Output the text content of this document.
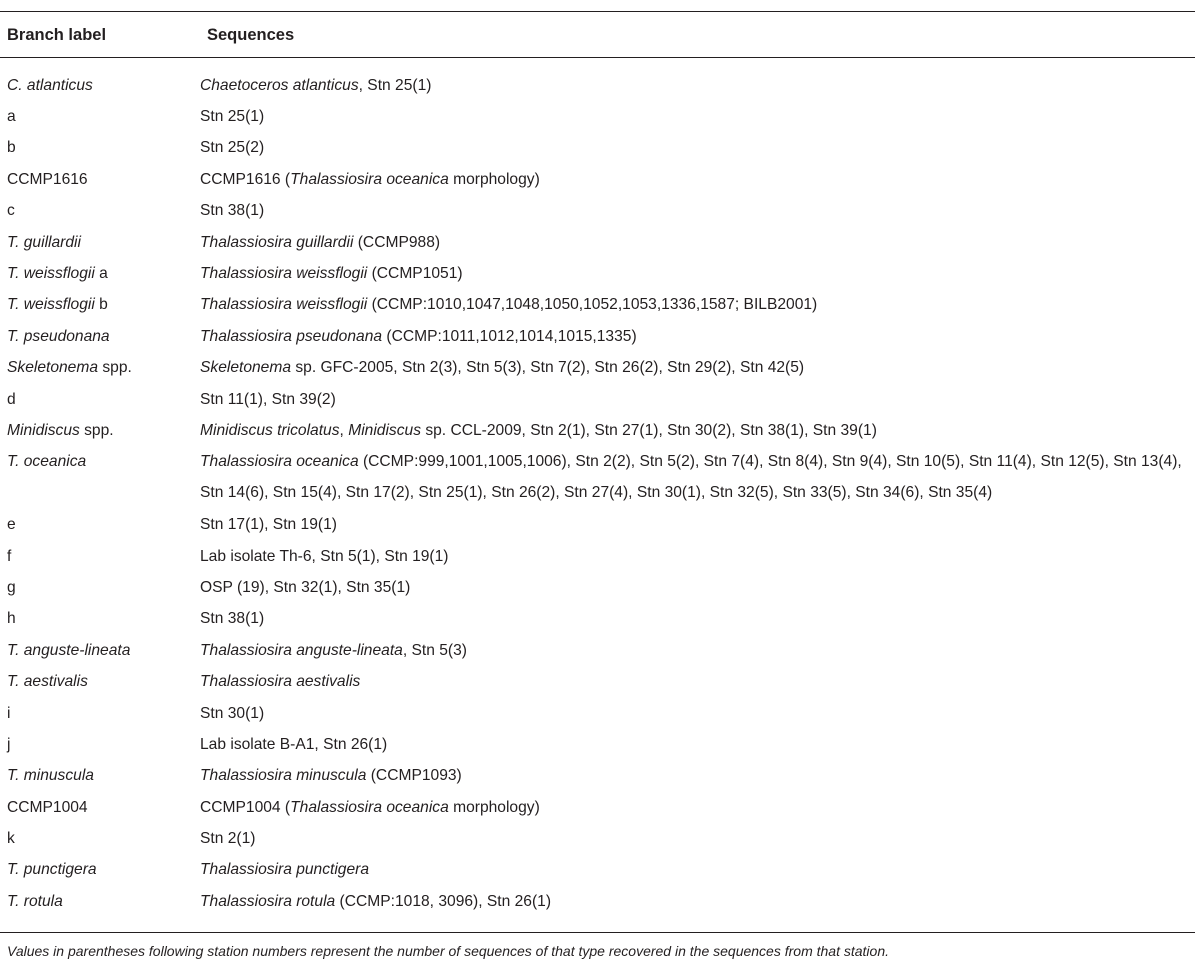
Branch label	Sequences
C. atlanticus	Chaetoceros atlanticus, Stn 25(1)
a	Stn 25(1)
b	Stn 25(2)
CCMP1616	CCMP1616 (Thalassiosira oceanica morphology)
c	Stn 38(1)
T. guillardii	Thalassiosira guillardii (CCMP988)
T. weissflogii a	Thalassiosira weissflogii (CCMP1051)
T. weissflogii b	Thalassiosira weissflogii (CCMP:1010,1047,1048,1050,1052,1053,1336,1587; BILB2001)
T. pseudonana	Thalassiosira pseudonana (CCMP:1011,1012,1014,1015,1335)
Skeletonema spp.	Skeletonema sp. GFC-2005, Stn 2(3), Stn 5(3), Stn 7(2), Stn 26(2), Stn 29(2), Stn 42(5)
d	Stn 11(1), Stn 39(2)
Minidiscus spp.	Minidiscus tricolatus, Minidiscus sp. CCL-2009, Stn 2(1), Stn 27(1), Stn 30(2), Stn 38(1), Stn 39(1)
T. oceanica	Thalassiosira oceanica (CCMP:999,1001,1005,1006), Stn 2(2), Stn 5(2), Stn 7(4), Stn 8(4), Stn 9(4), Stn 10(5), Stn 11(4), Stn 12(5), Stn 13(4), Stn 14(6), Stn 15(4), Stn 17(2), Stn 25(1), Stn 26(2), Stn 27(4), Stn 30(1), Stn 32(5), Stn 33(5), Stn 34(6), Stn 35(4)
e	Stn 17(1), Stn 19(1)
f	Lab isolate Th-6, Stn 5(1), Stn 19(1)
g	OSP (19), Stn 32(1), Stn 35(1)
h	Stn 38(1)
T. anguste-lineata	Thalassiosira anguste-lineata, Stn 5(3)
T. aestivalis	Thalassiosira aestivalis
i	Stn 30(1)
j	Lab isolate B-A1, Stn 26(1)
T. minuscula	Thalassiosira minuscula (CCMP1093)
CCMP1004	CCMP1004 (Thalassiosira oceanica morphology)
k	Stn 2(1)
T. punctigera	Thalassiosira punctigera
T. rotula	Thalassiosira rotula (CCMP:1018, 3096), Stn 26(1)
Values in parentheses following station numbers represent the number of sequences of that type recovered in the sequences from that station.
